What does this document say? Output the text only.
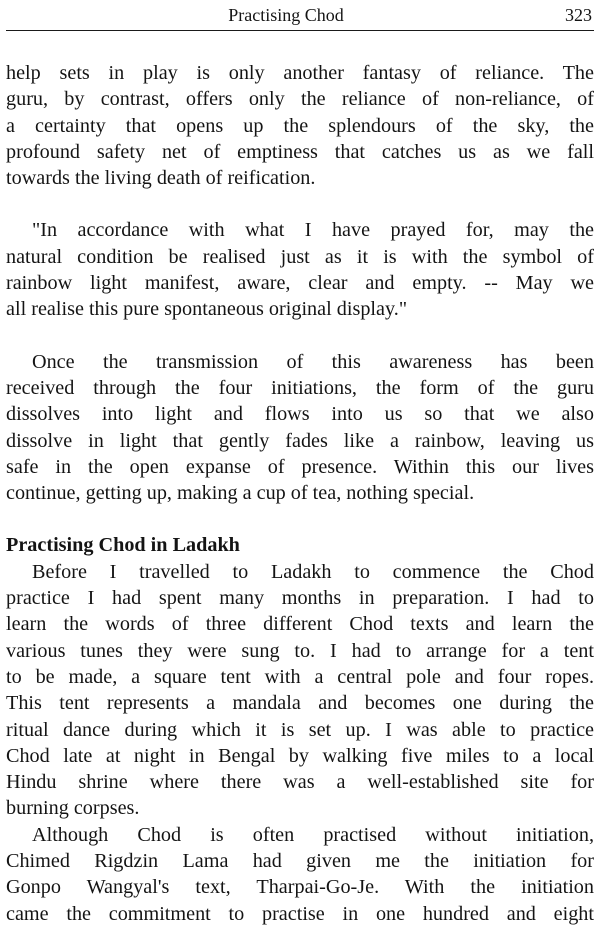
Practising Chod	323

help sets in play is only another fantasy of reliance. The
guru, by contrast, offers only the reliance of non-reliance, of
a certainty that opens up the splendours of the sky, the
profound safety net of emptiness that catches us as we fall
towards the living death of reification.

"In accordance with what I have prayed for, may the
natural condition be realised just as it is with the symbol of
rainbow light manifest, aware, clear and empty. -- May we
all realise this pure spontaneous original display."

Once the transmission of this awareness has been
received through the four initiations, the form of the guru
dissolves into light and flows into us so that we also
dissolve in light that gently fades like a rainbow, leaving us
safe in the open expanse of presence. Within this our lives
continue, getting up, making a cup of tea, nothing special.

Practising Chod in Ladakh

Before I travelled to Ladakh to commence the Chod
practice I had spent many months in preparation. I had to
learn the words of three different Chod texts and learn the
various tunes they were sung to. I had to arrange for a tent
to be made, a square tent with a central pole and four ropes.
This tent represents a mandala and becomes one during the
ritual dance during which it is set up. I was able to practice
Chod late at night in Bengal by walking five miles to a local
Hindu shrine where there was a well-established site for
burning corpses.

Although Chod is often practised without initiation,
Chimed Rigdzin Lama had given me the initiation for
Gonpo Wangyal's text, Tharpai-Go-Je. With the initiation
came the commitment to practise in one hundred and eight
